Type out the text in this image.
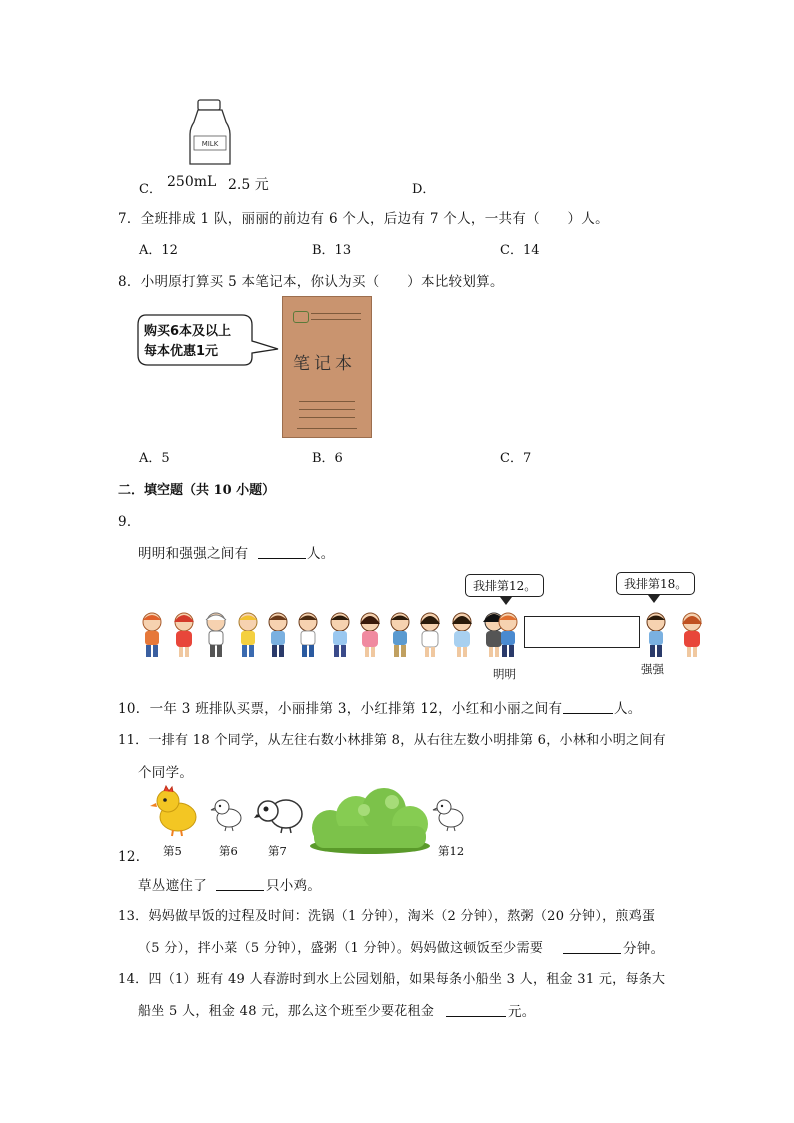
MILK
C． 250mL 2.5 元	D．
7．全班排成 1 队，丽丽的前边有 6 个人，后边有 7 个人，一共有（　　）人。
A．12	B．13	C．14
8．小明原打算买 5 本笔记本，你认为买（　　）本比较划算。
购买6本及以上
每本优惠1元
笔记本
A．5	B．6	C．7
二．填空题（共 10 小题）
9．
明明和强强之间有	人。
我排第12。	我排第18。
明明	强强
10．一年 3 班排队买票，小丽排第 3，小红排第 12，小红和小丽之间有	人。
11．一排有 18 个同学，从左往右数小林排第 8，从右往左数小明排第 6，小林和小明之间有
个同学。
12． 第5	第6	第7	第12
草丛遮住了	只小鸡。
13．妈妈做早饭的过程及时间：洗锅（1 分钟），淘米（2 分钟），熬粥（20 分钟），煎鸡蛋
（5 分），拌小菜（5 分钟），盛粥（1 分钟）。妈妈做这顿饭至少需要	分钟。
14．四（1）班有 49 人春游时到水上公园划船，如果每条小船坐 3 人，租金 31 元，每条大
船坐 5 人，租金 48 元，那么这个班至少要花租金	元。
